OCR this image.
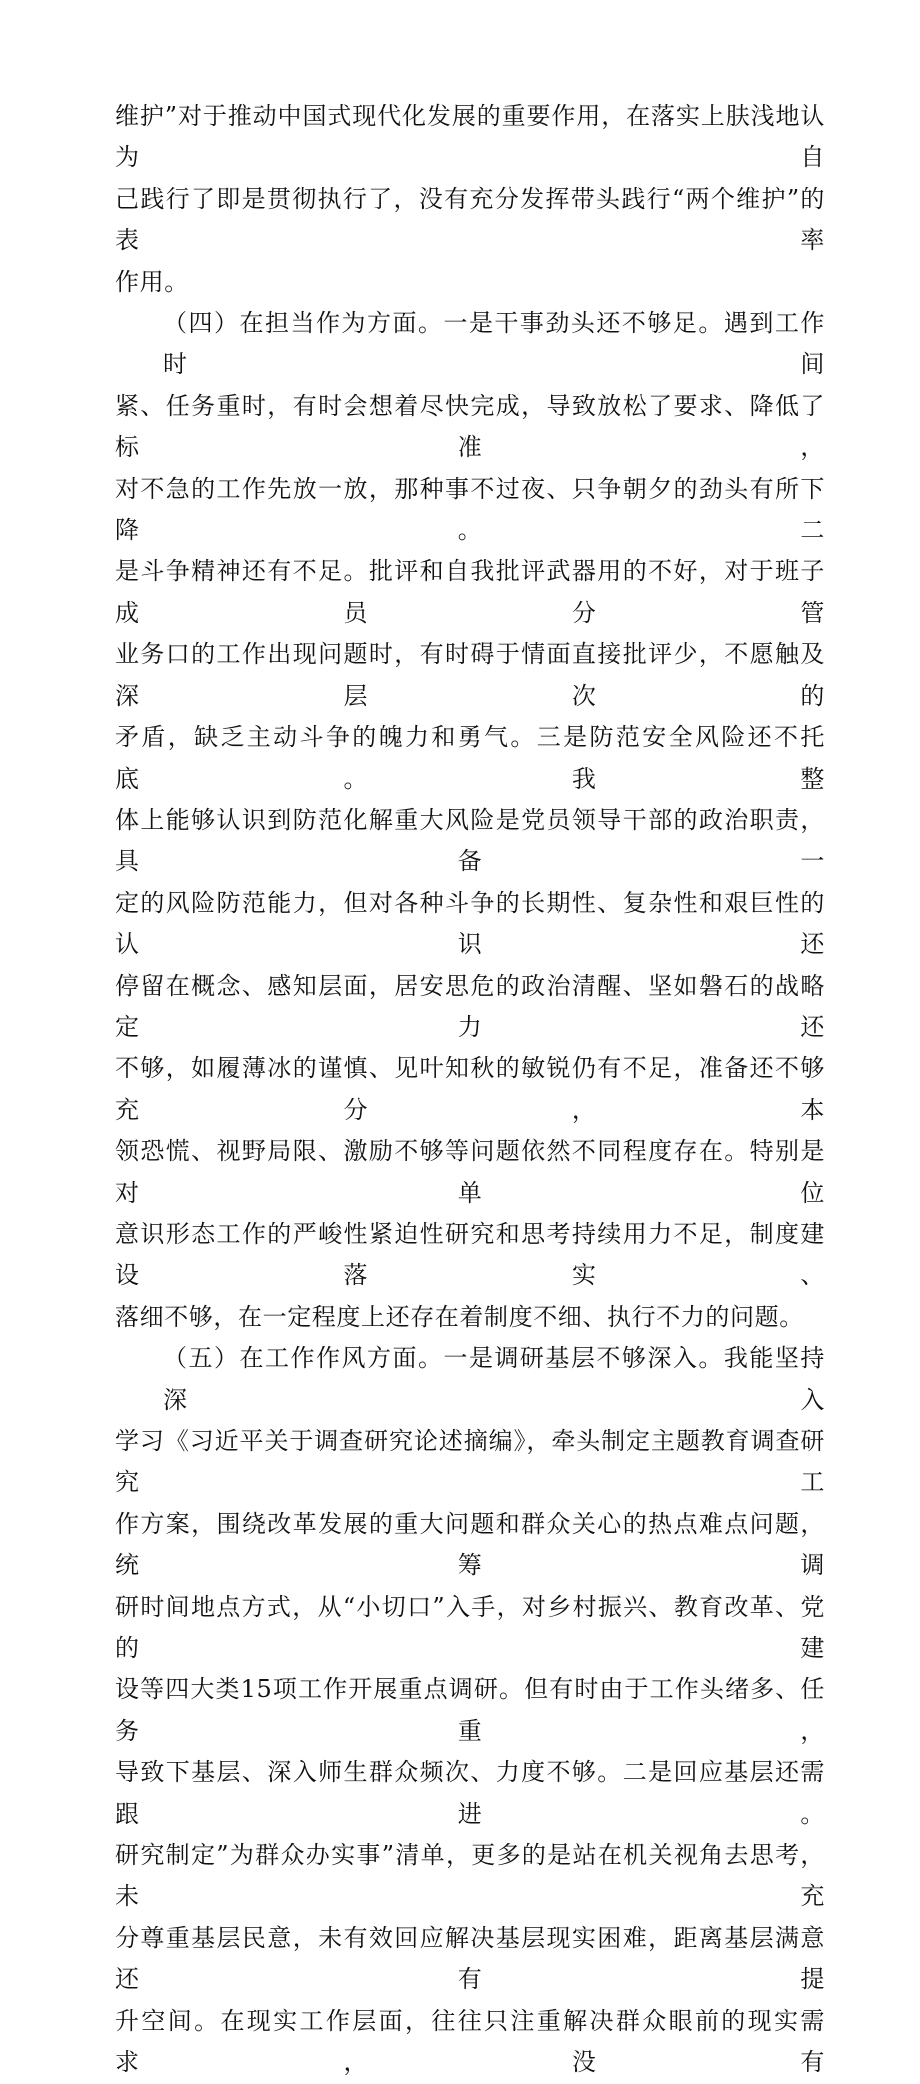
维护”对于推动中国式现代化发展的重要作用，在落实上肤浅地认为自
己践行了即是贯彻执行了，没有充分发挥带头践行“两个维护”的表率
作用。

（四）在担当作为方面。一是干事劲头还不够足。遇到工作时间
紧、任务重时，有时会想着尽快完成，导致放松了要求、降低了标准，
对不急的工作先放一放，那种事不过夜、只争朝夕的劲头有所下降。二
是斗争精神还有不足。批评和自我批评武器用的不好，对于班子成员分管
业务口的工作出现问题时，有时碍于情面直接批评少，不愿触及深层次的
矛盾，缺乏主动斗争的魄力和勇气。三是防范安全风险还不托底。我整
体上能够认识到防范化解重大风险是党员领导干部的政治职责，具备一
定的风险防范能力，但对各种斗争的长期性、复杂性和艰巨性的认识还
停留在概念、感知层面，居安思危的政治清醒、坚如磐石的战略定力还
不够，如履薄冰的谨慎、见叶知秋的敏锐仍有不足，准备还不够充分，本
领恐慌、视野局限、激励不够等问题依然不同程度存在。特别是对单位
意识形态工作的严峻性紧迫性研究和思考持续用力不足，制度建设落实、
落细不够，在一定程度上还存在着制度不细、执行不力的问题。

（五）在工作作风方面。一是调研基层不够深入。我能坚持深入
学习《习近平关于调查研究论述摘编》，牵头制定主题教育调查研究工
作方案，围绕改革发展的重大问题和群众关心的热点难点问题，统筹调
研时间地点方式，从“小切口”入手，对乡村振兴、教育改革、党的建
设等四大类15项工作开展重点调研。但有时由于工作头绪多、任务重，
导致下基层、深入师生群众频次、力度不够。二是回应基层还需跟进。
研究制定”为群众办实事”清单，更多的是站在机关视角去思考，未充
分尊重基层民意，未有效回应解决基层现实困难，距离基层满意还有提
升空间。在现实工作层面，往往只注重解决群众眼前的现实需求，没有
